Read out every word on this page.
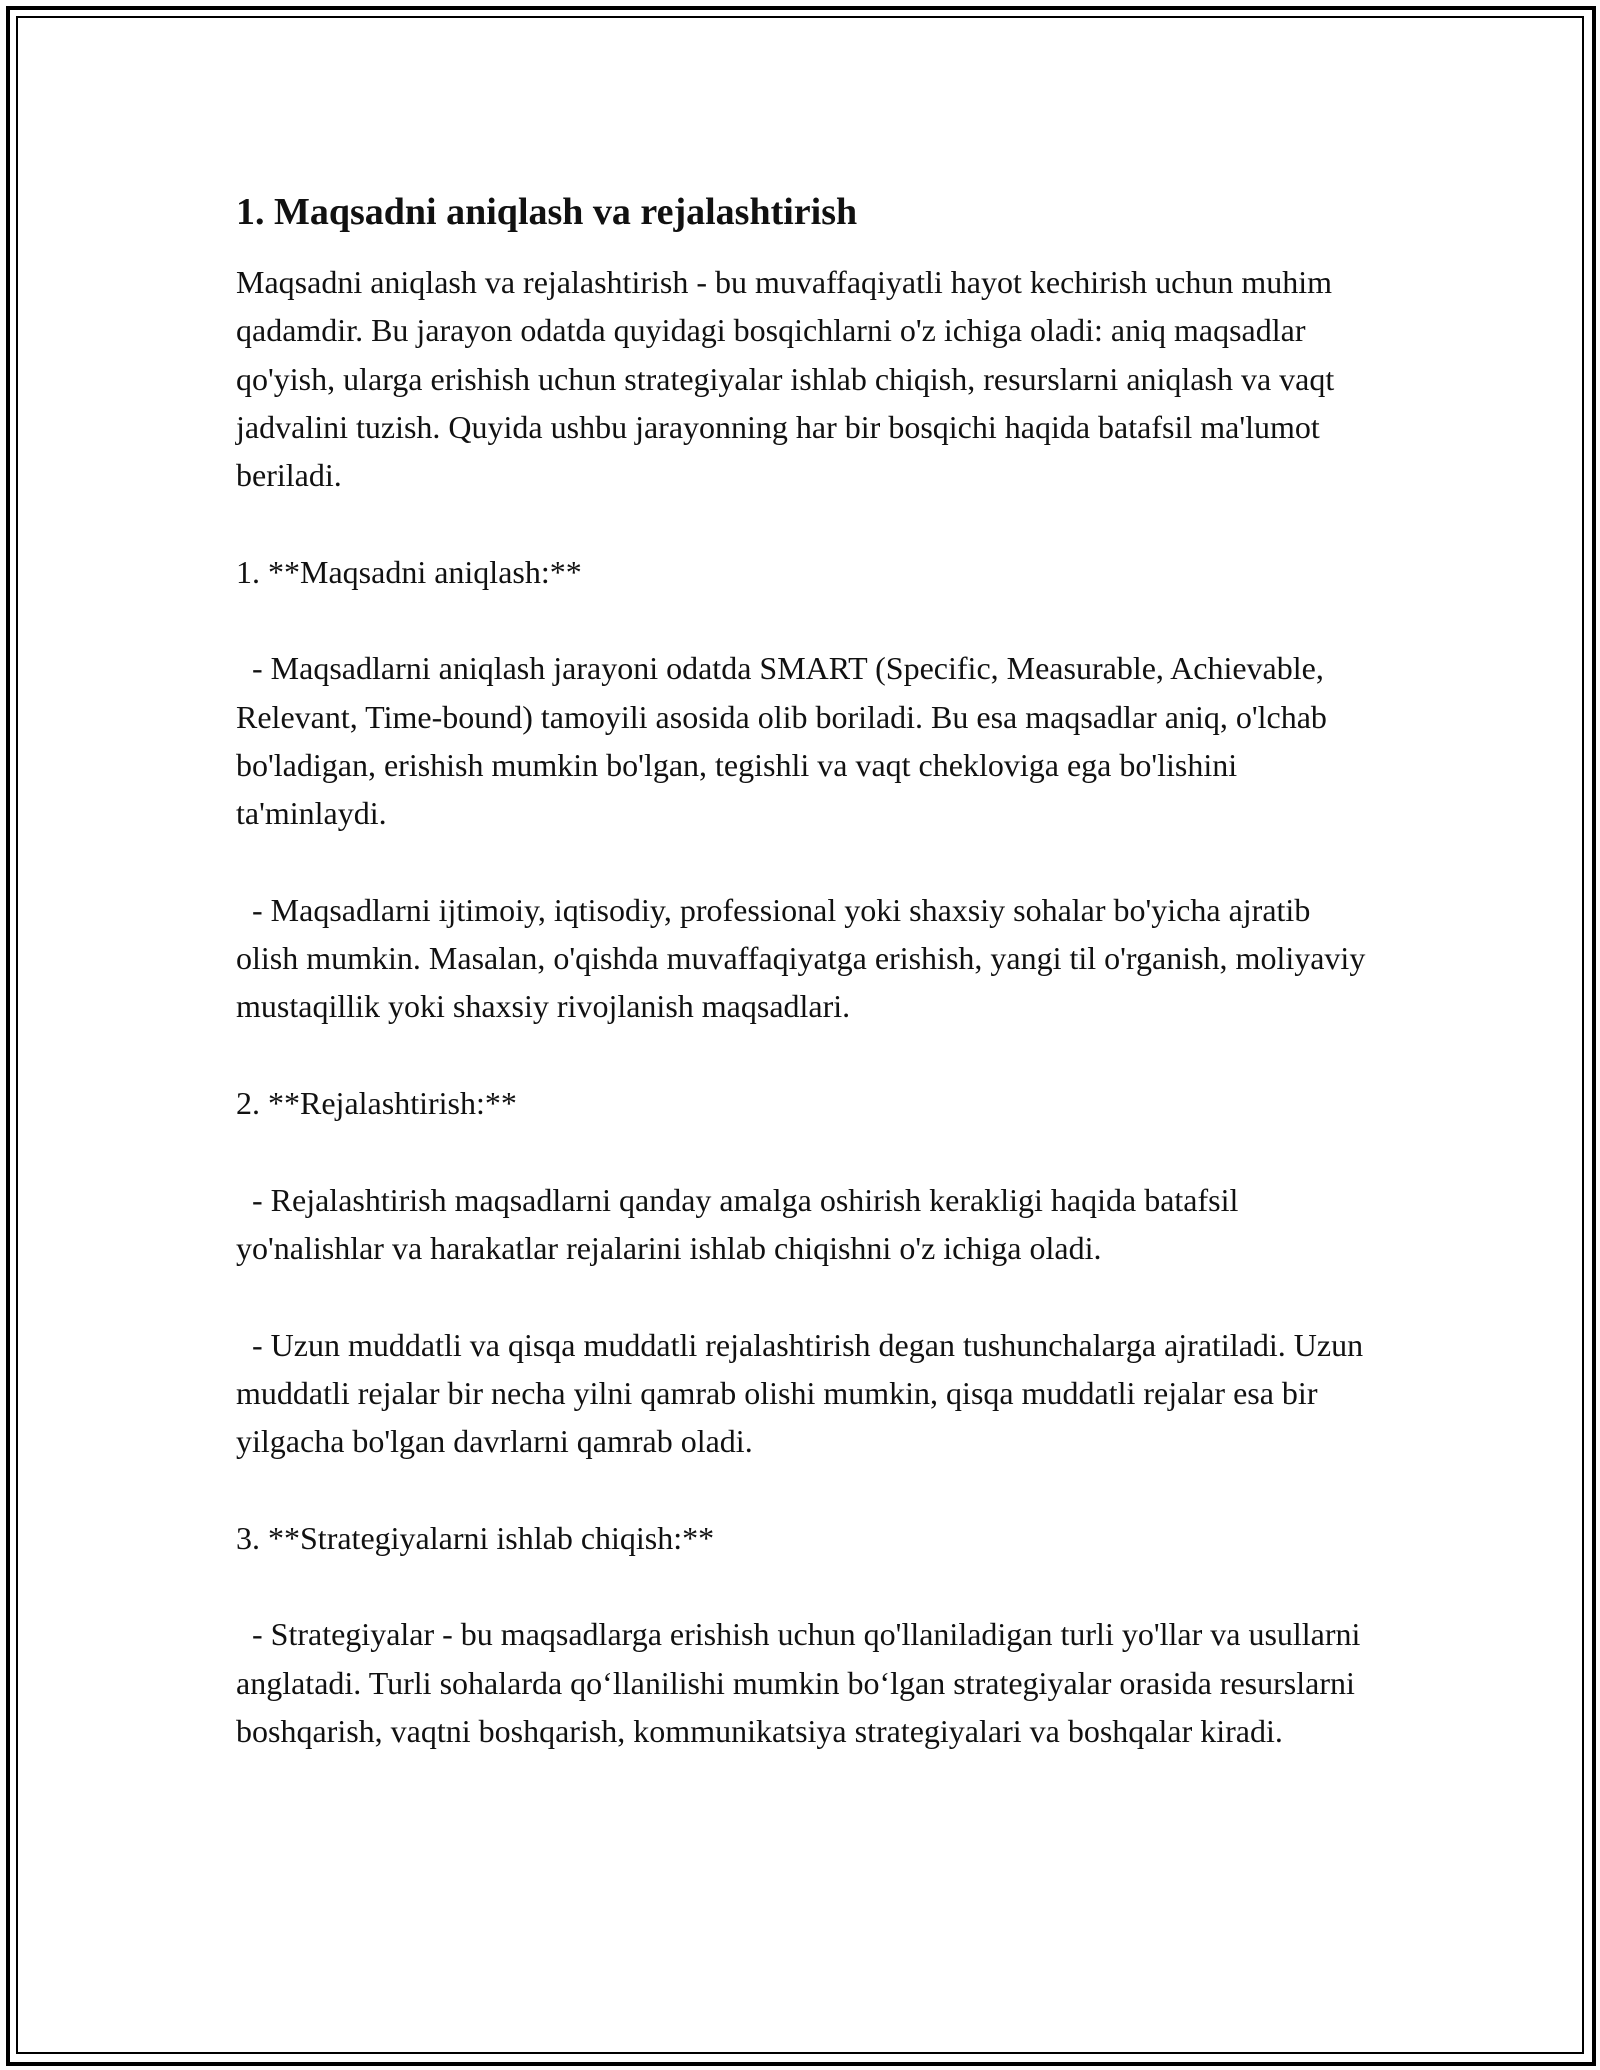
1. Maqsadni aniqlash va rejalashtirish

Maqsadni aniqlash va rejalashtirish - bu muvaffaqiyatli hayot kechirish uchun muhim qadamdir. Bu jarayon odatda quyidagi bosqichlarni o'z ichiga oladi: aniq maqsadlar qo'yish, ularga erishish uchun strategiyalar ishlab chiqish, resurslarni aniqlash va vaqt jadvalini tuzish. Quyida ushbu jarayonning har bir bosqichi haqida batafsil ma'lumot beriladi.

1. **Maqsadni aniqlash:**

- Maqsadlarni aniqlash jarayoni odatda SMART (Specific, Measurable, Achievable, Relevant, Time-bound) tamoyili asosida olib boriladi. Bu esa maqsadlar aniq, o'lchab bo'ladigan, erishish mumkin bo'lgan, tegishli va vaqt chekloviga ega bo'lishini ta'minlaydi.

- Maqsadlarni ijtimoiy, iqtisodiy, professional yoki shaxsiy sohalar bo'yicha ajratib olish mumkin. Masalan, o'qishda muvaffaqiyatga erishish, yangi til o'rganish, moliyaviy mustaqillik yoki shaxsiy rivojlanish maqsadlari.

2. **Rejalashtirish:**

- Rejalashtirish maqsadlarni qanday amalga oshirish kerakligi haqida batafsil yo'nalishlar va harakatlar rejalarini ishlab chiqishni o'z ichiga oladi.

- Uzun muddatli va qisqa muddatli rejalashtirish degan tushunchalarga ajratiladi. Uzun muddatli rejalar bir necha yilni qamrab olishi mumkin, qisqa muddatli rejalar esa bir yilgacha bo'lgan davrlarni qamrab oladi.

3. **Strategiyalarni ishlab chiqish:**

- Strategiyalar - bu maqsadlarga erishish uchun qo'llaniladigan turli yo'llar va usullarni anglatadi. Turli sohalarda qo‘llanilishi mumkin bo‘lgan strategiyalar orasida resurslarni boshqarish, vaqtni boshqarish, kommunikatsiya strategiyalari va boshqalar kiradi.
